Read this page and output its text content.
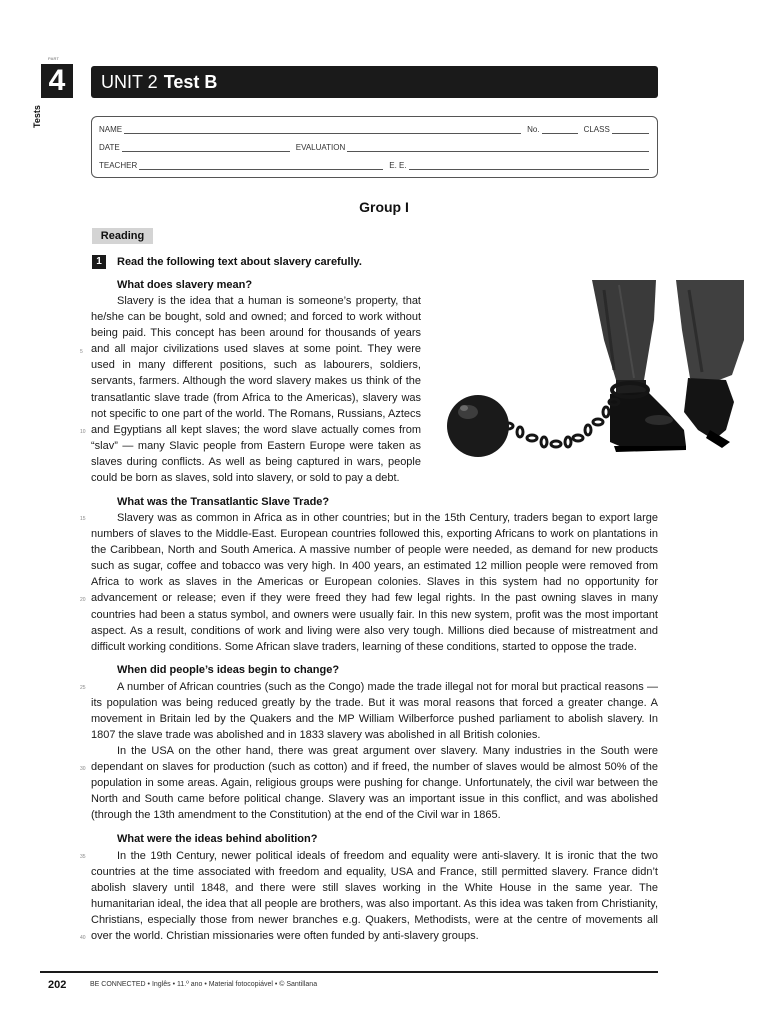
PART
4
Tests
UNIT 2 Test B
NAME	No.	CLASS
DATE	EVALUATION
TEACHER	E. E.
Group I
Reading
1	Read the following text about slavery carefully.
What does slavery mean?
Slavery is the idea that a human is someone’s property, that he/she can be bought, sold and owned; and forced to work without being paid. This concept has been around for thousands of years and all major civilizations used slaves at some point. They were used in many different positions, such as labourers, soldiers, servants, farmers. Although the word slavery makes us think of the transatlantic slave trade (from Africa to the Americas), slavery was not specific to one part of the world. The Romans, Russians, Aztecs and Egyptians all kept slaves; the word slave actually comes from “slav” — many Slavic people from Eastern Europe were taken as slaves during conflicts. As well as being captured in wars, people could be born as slaves, sold into slavery, or sold to pay a debt.
What was the Transatlantic Slave Trade?
Slavery was as common in Africa as in other countries; but in the 15th Century, traders began to export large numbers of slaves to the Middle-East. European countries followed this, exporting Africans to work on plantations in the Caribbean, North and South America. A massive number of people were needed, as demand for new products such as sugar, coffee and tobacco was very high. In 400 years, an estimated 12 million people were removed from Africa to work as slaves in the Americas or European colonies. Slaves in this system had no opportunity for advancement or release; even if they were freed they had few legal rights. In the past owning slaves in many countries had been a status symbol, and owners were usually fair. In this new system, profit was the most important aspect. As a result, conditions of work and living were also very tough. Millions died because of mistreatment and difficult working conditions. Some African slave traders, learning of these conditions, started to oppose the trade.
When did people’s ideas begin to change?
A number of African countries (such as the Congo) made the trade illegal not for moral but practical reasons — its population was being reduced greatly by the trade. But it was moral reasons that forced a greater change. A movement in Britain led by the Quakers and the MP William Wilberforce pushed parliament to abolish slavery. In 1807 the slave trade was abolished and in 1833 slavery was abolished in all British colonies.
In the USA on the other hand, there was great argument over slavery. Many industries in the South were dependant on slaves for production (such as cotton) and if freed, the number of slaves would be almost 50% of the population in some areas. Again, religious groups were pushing for change. Unfortunately, the civil war between the North and South came before political change. Slavery was an important issue in this conflict, and was abolished (through the 13th amendment to the Constitution) at the end of the Civil war in 1865.
What were the ideas behind abolition?
In the 19th Century, newer political ideals of freedom and equality were anti-slavery. It is ironic that the two countries at the time associated with freedom and equality, USA and France, still permitted slavery. France didn’t abolish slavery until 1848, and there were still slaves working in the White House in the same year. The humanitarian ideal, the idea that all people are brothers, was also important. As this idea was taken from Christianity, Christians, especially those from newer branches e.g. Quakers, Methodists, were at the centre of movements all over the world. Christian missionaries were often funded by anti-slavery groups.
5
10
15
20
25
30
35
40
202	BE CONNECTED • Inglês • 11.º ano • Material fotocopiável • © Santillana
